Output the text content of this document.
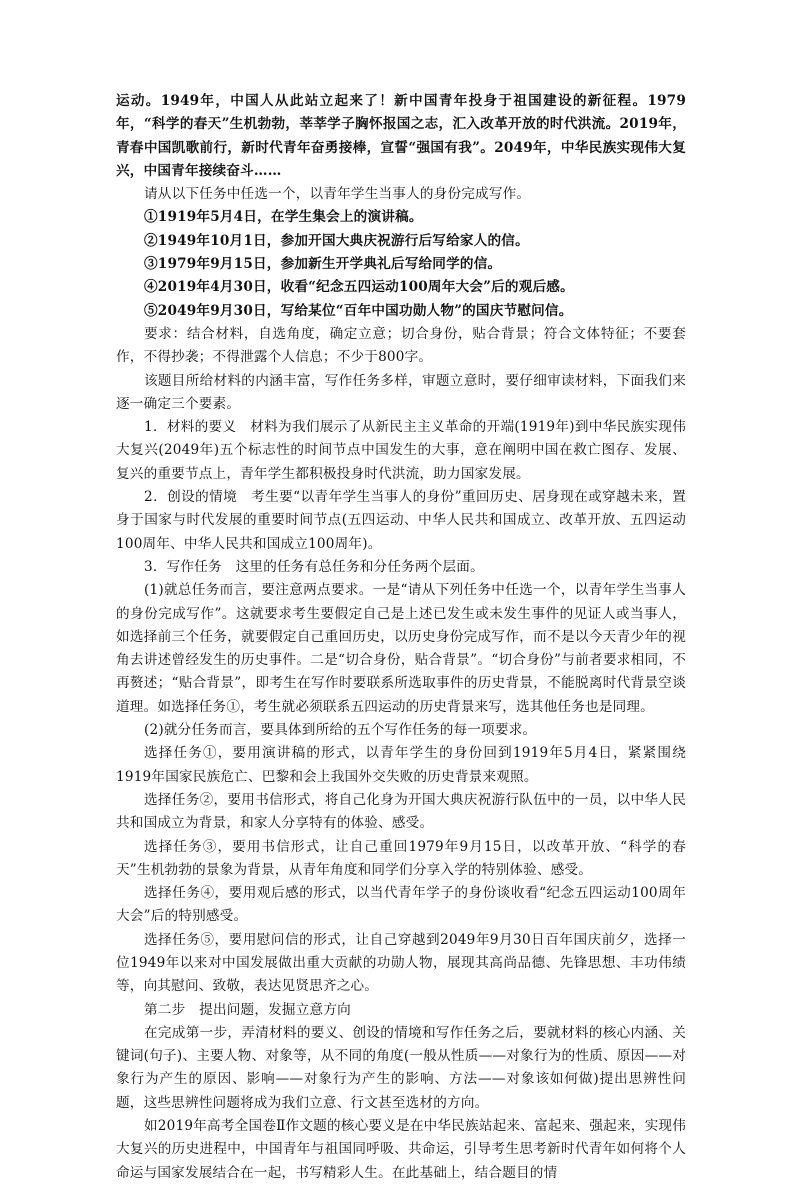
运动。1949年，中国人从此站立起来了！新中国青年投身于祖国建设的新征程。1979年，“科学的春天”生机勃勃，莘莘学子胸怀报国之志，汇入改革开放的时代洪流。2019年，青春中国凯歌前行，新时代青年奋勇接棒，宣誓“强国有我”。2049年，中华民族实现伟大复兴，中国青年接续奋斗……

请从以下任务中任选一个，以青年学生当事人的身份完成写作。

①1919年5月4日，在学生集会上的演讲稿。

②1949年10月1日，参加开国大典庆祝游行后写给家人的信。

③1979年9月15日，参加新生开学典礼后写给同学的信。

④2019年4月30日，收看“纪念五四运动100周年大会”后的观后感。

⑤2049年9月30日，写给某位“百年中国功勋人物”的国庆节慰问信。

要求：结合材料，自选角度，确定立意；切合身份，贴合背景；符合文体特征；不要套作，不得抄袭；不得泄露个人信息；不少于800字。

该题目所给材料的内涵丰富，写作任务多样，审题立意时，要仔细审读材料，下面我们来逐一确定三个要素。

1．材料的要义　材料为我们展示了从新民主主义革命的开端(1919年)到中华民族实现伟大复兴(2049年)五个标志性的时间节点中国发生的大事，意在阐明中国在救亡图存、发展、复兴的重要节点上，青年学生都积极投身时代洪流，助力国家发展。

2．创设的情境　考生要“以青年学生当事人的身份”重回历史、居身现在或穿越未来，置身于国家与时代发展的重要时间节点(五四运动、中华人民共和国成立、改革开放、五四运动100周年、中华人民共和国成立100周年)。

3．写作任务　这里的任务有总任务和分任务两个层面。

(1)就总任务而言，要注意两点要求。一是“请从下列任务中任选一个，以青年学生当事人的身份完成写作”。这就要求考生要假定自己是上述已发生或未发生事件的见证人或当事人，如选择前三个任务，就要假定自己重回历史，以历史身份完成写作，而不是以今天青少年的视角去讲述曾经发生的历史事件。二是“切合身份，贴合背景”。“切合身份”与前者要求相同，不再赘述；“贴合背景”，即考生在写作时要联系所选取事件的历史背景，不能脱离时代背景空谈道理。如选择任务①，考生就必须联系五四运动的历史背景来写，选其他任务也是同理。

(2)就分任务而言，要具体到所给的五个写作任务的每一项要求。

选择任务①，要用演讲稿的形式，以青年学生的身份回到1919年5月4日，紧紧围绕1919年国家民族危亡、巴黎和会上我国外交失败的历史背景来观照。

选择任务②，要用书信形式，将自己化身为开国大典庆祝游行队伍中的一员，以中华人民共和国成立为背景，和家人分享特有的体验、感受。

选择任务③，要用书信形式，让自己重回1979年9月15日，以改革开放、“科学的春天”生机勃勃的景象为背景，从青年角度和同学们分享入学的特别体验、感受。

选择任务④，要用观后感的形式，以当代青年学子的身份谈收看“纪念五四运动100周年大会”后的特别感受。

选择任务⑤，要用慰问信的形式，让自己穿越到2049年9月30日百年国庆前夕，选择一位1949年以来对中国发展做出重大贡献的功勋人物，展现其高尚品德、先锋思想、丰功伟绩等，向其慰问、致敬，表达见贤思齐之心。

第二步　提出问题，发掘立意方向

在完成第一步，弄清材料的要义、创设的情境和写作任务之后，要就材料的核心内涵、关键词(句子)、主要人物、对象等，从不同的角度(一般从性质——对象行为的性质、原因——对象行为产生的原因、影响——对象行为产生的影响、方法——对象该如何做)提出思辨性问题，这些思辨性问题将成为我们立意、行文甚至选材的方向。

如2019年高考全国卷Ⅱ作文题的核心要义是在中华民族站起来、富起来、强起来，实现伟大复兴的历史进程中，中国青年与祖国同呼吸、共命运，引导考生思考新时代青年如何将个人命运与国家发展结合在一起，书写精彩人生。在此基础上，结合题目的情
